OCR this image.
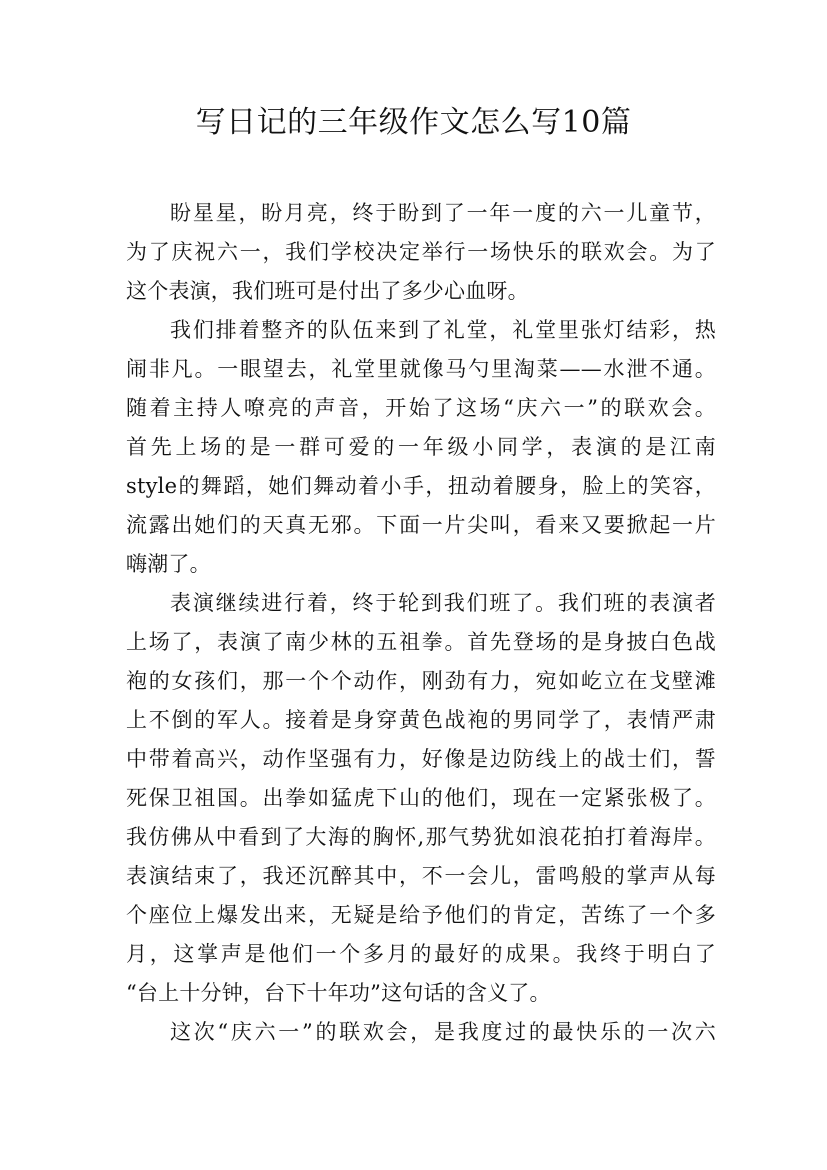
写日记的三年级作文怎么写10篇
盼星星，盼月亮，终于盼到了一年一度的六一儿童节，
为了庆祝六一，我们学校决定举行一场快乐的联欢会。为了
这个表演，我们班可是付出了多少心血呀。
我们排着整齐的队伍来到了礼堂，礼堂里张灯结彩，热
闹非凡。一眼望去，礼堂里就像马勺里淘菜——水泄不通。
随着主持人嘹亮的声音，开始了这场“庆六一”的联欢会。
首先上场的是一群可爱的一年级小同学，表演的是江南
style的舞蹈，她们舞动着小手，扭动着腰身，脸上的笑容，
流露出她们的天真无邪。下面一片尖叫，看来又要掀起一片
嗨潮了。
表演继续进行着，终于轮到我们班了。我们班的表演者
上场了，表演了南少林的五祖拳。首先登场的是身披白色战
袍的女孩们，那一个个动作，刚劲有力，宛如屹立在戈壁滩
上不倒的军人。接着是身穿黄色战袍的男同学了，表情严肃
中带着高兴，动作坚强有力，好像是边防线上的战士们，誓
死保卫祖国。出拳如猛虎下山的他们，现在一定紧张极了。
我仿佛从中看到了大海的胸怀,那气势犹如浪花拍打着海岸。
表演结束了，我还沉醉其中，不一会儿，雷鸣般的掌声从每
个座位上爆发出来，无疑是给予他们的肯定，苦练了一个多
月，这掌声是他们一个多月的最好的成果。我终于明白了
“台上十分钟，台下十年功”这句话的含义了。
这次“庆六一”的联欢会，是我度过的最快乐的一次六
